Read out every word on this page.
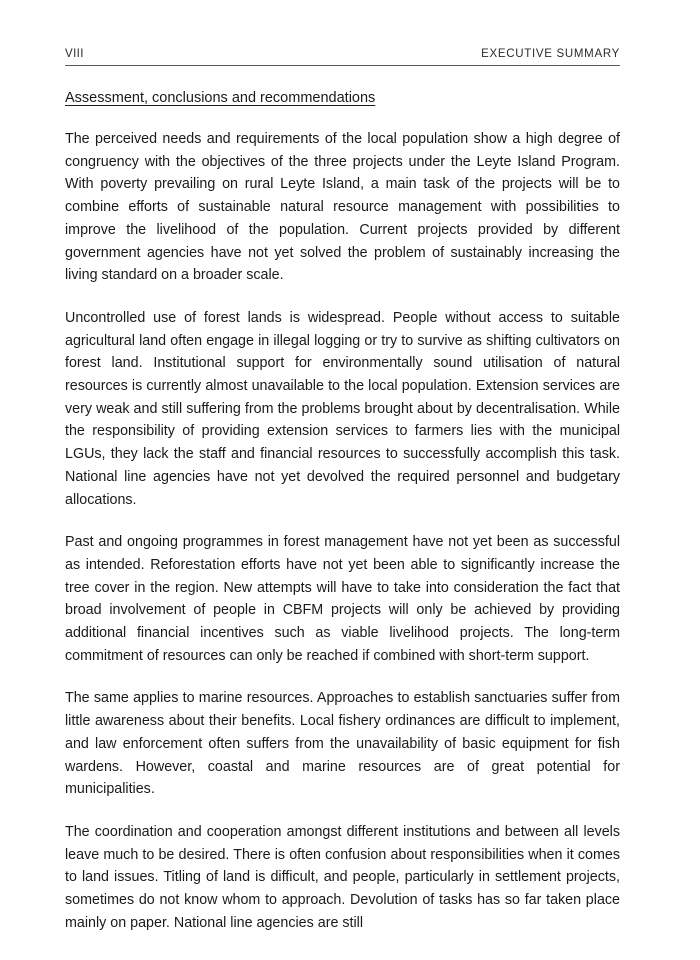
VIII	EXECUTIVE SUMMARY
Assessment, conclusions and recommendations

The perceived needs and requirements of the local population show a high degree of congruency with the objectives of the three projects under the Leyte Island Program. With poverty prevailing on rural Leyte Island, a main task of the projects will be to combine efforts of sustainable natural resource management with possibilities to improve the livelihood of the population. Current projects provided by different government agencies have not yet solved the problem of sustainably increasing the living standard on a broader scale.

Uncontrolled use of forest lands is widespread. People without access to suitable agricultural land often engage in illegal logging or try to survive as shifting cultivators on forest land. Institutional support for environmentally sound utilisation of natural resources is currently almost unavailable to the local population. Extension services are very weak and still suffering from the problems brought about by decentralisation. While the responsibility of providing extension services to farmers lies with the municipal LGUs, they lack the staff and financial resources to successfully accomplish this task. National line agencies have not yet devolved the required personnel and budgetary allocations.

Past and ongoing programmes in forest management have not yet been as successful as intended. Reforestation efforts have not yet been able to significantly increase the tree cover in the region. New attempts will have to take into consideration the fact that broad involvement of people in CBFM projects will only be achieved by providing additional financial incentives such as viable livelihood projects. The long-term commitment of resources can only be reached if combined with short-term support.

The same applies to marine resources. Approaches to establish sanctuaries suffer from little awareness about their benefits. Local fishery ordinances are difficult to implement, and law enforcement often suffers from the unavailability of basic equipment for fish wardens. However, coastal and marine resources are of great potential for municipalities.

The coordination and cooperation amongst different institutions and between all levels leave much to be desired. There is often confusion about responsibilities when it comes to land issues. Titling of land is difficult, and people, particularly in settlement projects, sometimes do not know whom to approach. Devolution of tasks has so far taken place mainly on paper. National line agencies are still
